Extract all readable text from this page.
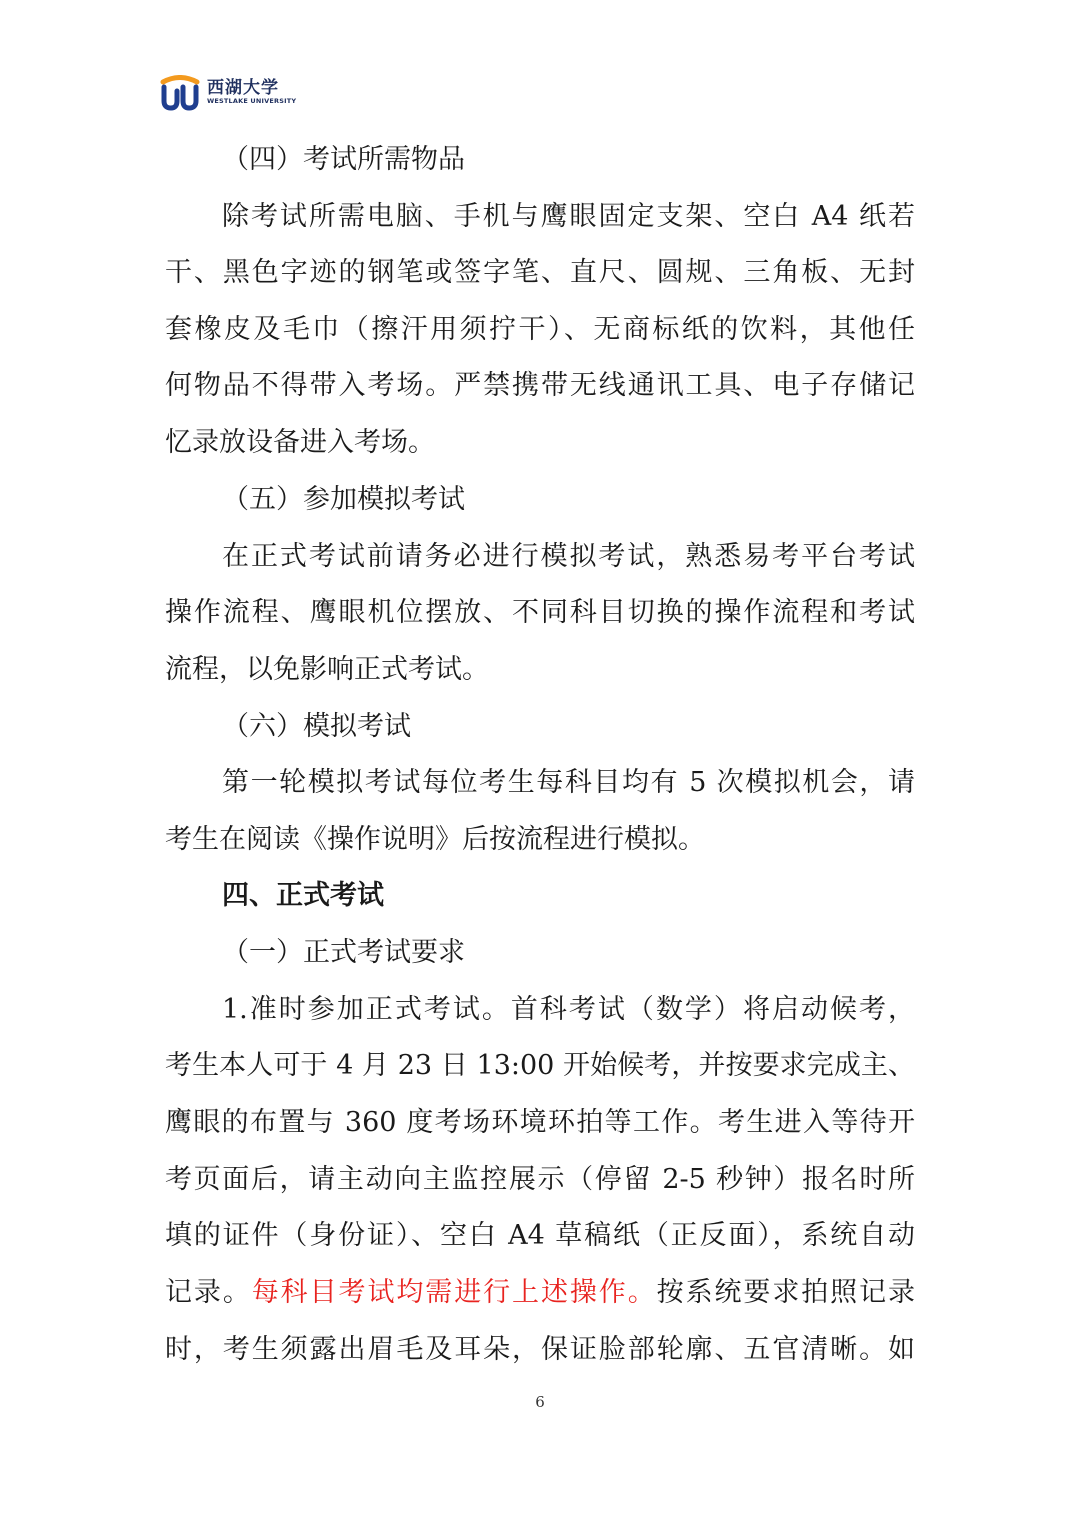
西湖大学
WESTLAKE UNIVERSITY
（四）考试所需物品
除考试所需电脑、手机与鹰眼固定支架、空白 A4 纸若
干、黑色字迹的钢笔或签字笔、直尺、圆规、三角板、无封
套橡皮及毛巾（擦汗用须拧干）、无商标纸的饮料，其他任
何物品不得带入考场。严禁携带无线通讯工具、电子存储记
忆录放设备进入考场。
（五）参加模拟考试
在正式考试前请务必进行模拟考试，熟悉易考平台考试
操作流程、鹰眼机位摆放、不同科目切换的操作流程和考试
流程，以免影响正式考试。
（六）模拟考试
第一轮模拟考试每位考生每科目均有 5 次模拟机会，请
考生在阅读《操作说明》后按流程进行模拟。
四、正式考试
（一）正式考试要求
1.准时参加正式考试。首科考试（数学）将启动候考，
考生本人可于 4 月 23 日 13:00 开始候考，并按要求完成主、
鹰眼的布置与 360 度考场环境环拍等工作。考生进入等待开
考页面后，请主动向主监控展示（停留 2-5 秒钟）报名时所
填的证件（身份证）、空白 A4 草稿纸（正反面），系统自动
记录。每科目考试均需进行上述操作。按系统要求拍照记录
时，考生须露出眉毛及耳朵，保证脸部轮廓、五官清晰。如
6
